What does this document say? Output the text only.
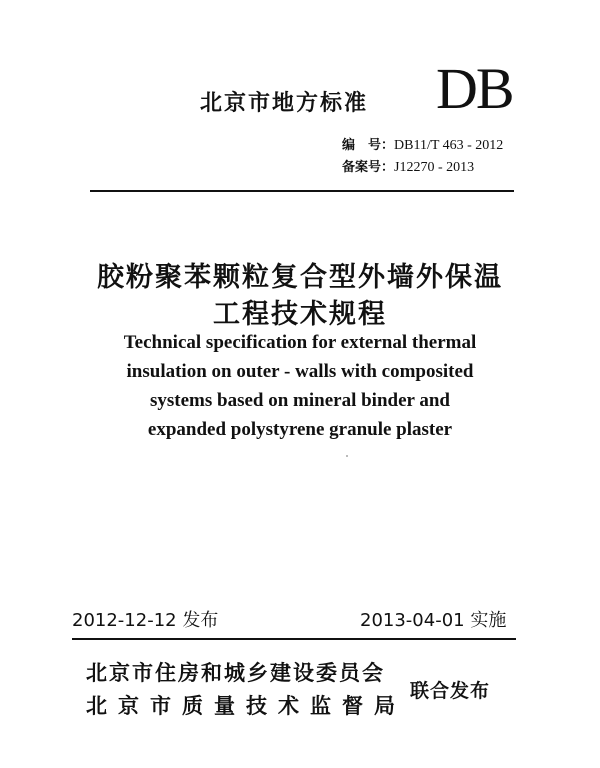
北京市地方标准	DB
编　号：DB11/T 463 - 2012
备案号：J12270 - 2013
胶粉聚苯颗粒复合型外墙外保温
工程技术规程
Technical specification for external thermal
insulation on outer - walls with composited
systems based on mineral binder and
expanded polystyrene granule plaster
2012-12-12 发布	2013-04-01 实施
北京市住房和城乡建设委员会
北京市质量技术监督局
联合发布
